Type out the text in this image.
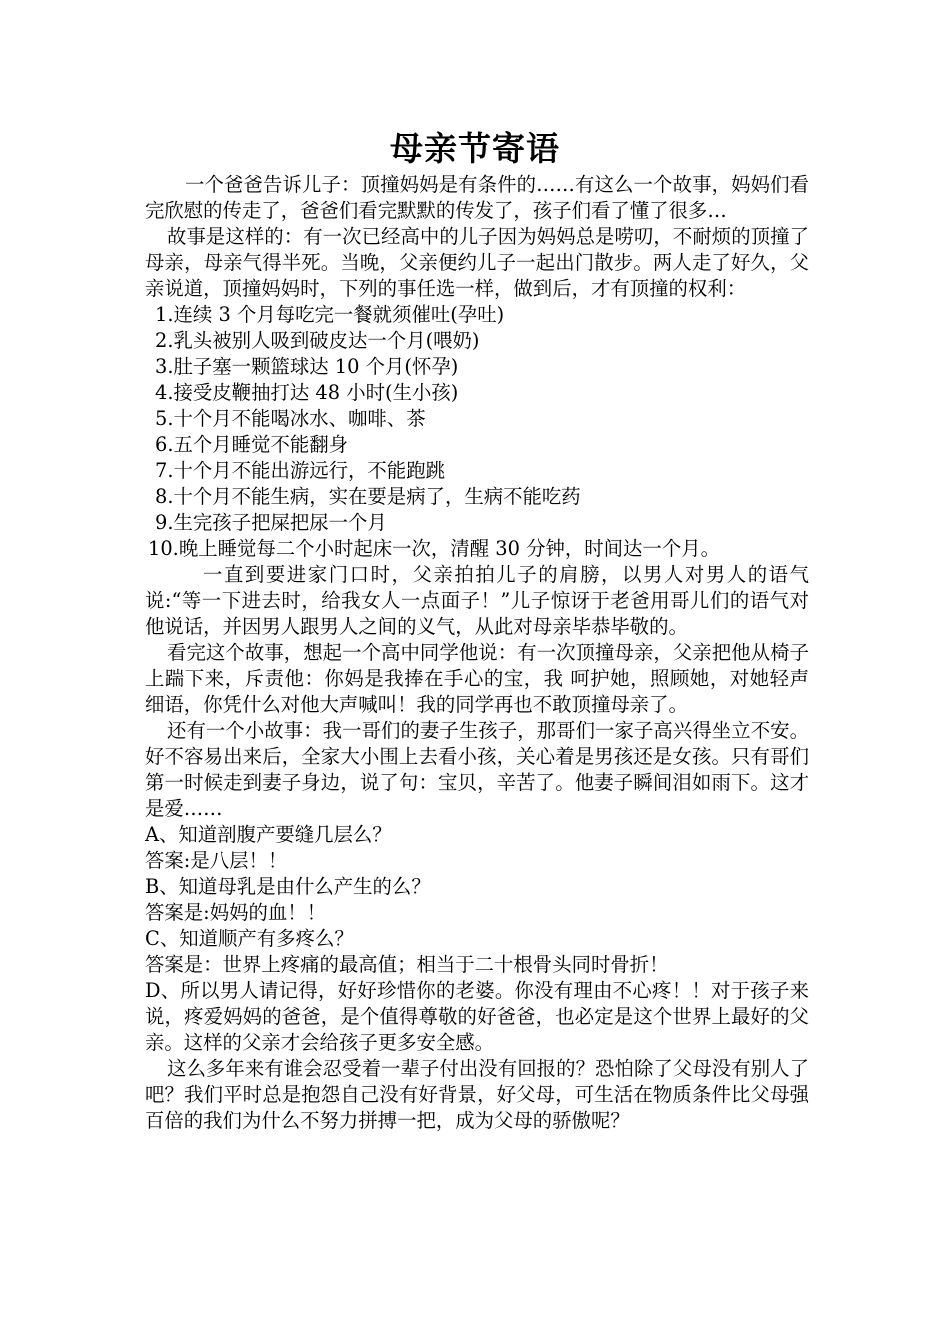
母亲节寄语

一个爸爸告诉儿子：顶撞妈妈是有条件的……有这么一个故事，妈妈们看完欣慰的传走了，爸爸们看完默默的传发了，孩子们看了懂了很多…

故事是这样的：有一次已经高中的儿子因为妈妈总是唠叨，不耐烦的顶撞了母亲，母亲气得半死。当晚，父亲便约儿子一起出门散步。两人走了好久，父亲说道，顶撞妈妈时，下列的事任选一样，做到后，才有顶撞的权利：

1.连续 3 个月每吃完一餐就须催吐(孕吐)

2.乳头被别人吸到破皮达一个月(喂奶)

3.肚子塞一颗篮球达 10 个月(怀孕)

4.接受皮鞭抽打达 48 小时(生小孩)

5.十个月不能喝冰水、咖啡、茶

6.五个月睡觉不能翻身

7.十个月不能出游远行，不能跑跳

8.十个月不能生病，实在要是病了，生病不能吃药

9.生完孩子把屎把尿一个月

10.晚上睡觉每二个小时起床一次，清醒 30 分钟，时间达一个月。

一直到要进家门口时，父亲拍拍儿子的肩膀，以男人对男人的语气说:“等一下进去时，给我女人一点面子！”儿子惊讶于老爸用哥儿们的语气对他说话，并因男人跟男人之间的义气，从此对母亲毕恭毕敬的。

看完这个故事，想起一个高中同学他说：有一次顶撞母亲，父亲把他从椅子上踹下来，斥责他：你妈是我捧在手心的宝，我 呵护她，照顾她，对她轻声细语，你凭什么对他大声喊叫！我的同学再也不敢顶撞母亲了。

还有一个小故事：我一哥们的妻子生孩子，那哥们一家子高兴得坐立不安。好不容易出来后，全家大小围上去看小孩，关心着是男孩还是女孩。只有哥们第一时候走到妻子身边，说了句：宝贝，辛苦了。他妻子瞬间泪如雨下。这才是爱……

A、知道剖腹产要缝几层么？

答案:是八层！！

B、知道母乳是由什么产生的么？

答案是:妈妈的血！！

C、知道顺产有多疼么？

答案是：世界上疼痛的最高值；相当于二十根骨头同时骨折！

D、所以男人请记得，好好珍惜你的老婆。你没有理由不心疼！！对于孩子来说，疼爱妈妈的爸爸，是个值得尊敬的好爸爸，也必定是这个世界上最好的父亲。这样的父亲才会给孩子更多安全感。

这么多年来有谁会忍受着一辈子付出没有回报的？恐怕除了父母没有别人了吧？我们平时总是抱怨自己没有好背景，好父母，可生活在物质条件比父母强百倍的我们为什么不努力拼搏一把，成为父母的骄傲呢？
